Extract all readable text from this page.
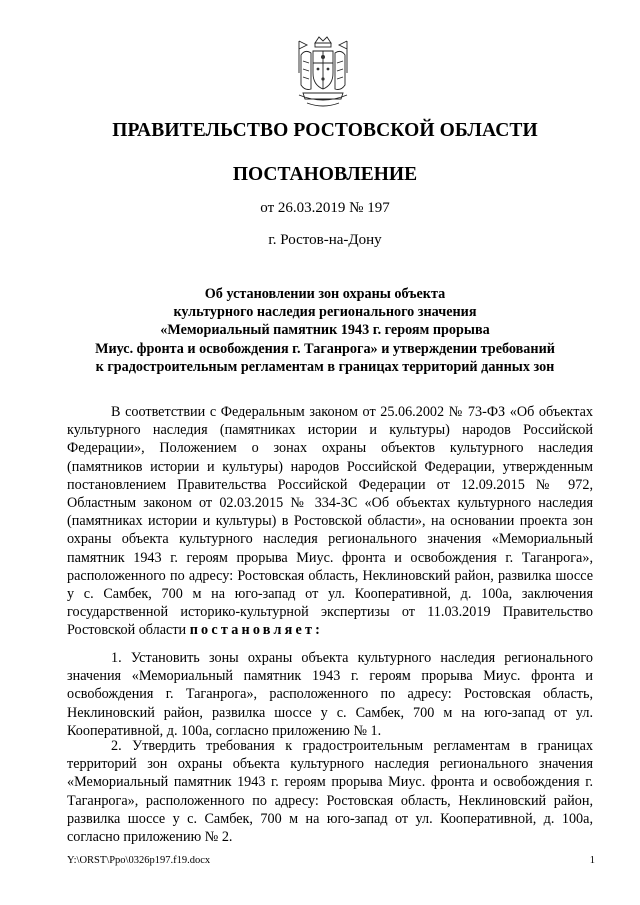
ПРАВИТЕЛЬСТВО РОСТОВСКОЙ ОБЛАСТИ
ПОСТАНОВЛЕНИЕ
от 26.03.2019 № 197
г. Ростов-на-Дону
Об установлении зон охраны объекта
культурного наследия регионального значения
«Мемориальный памятник 1943 г. героям прорыва
Миус. фронта и освобождения г. Таганрога» и утверждении требований
к градостроительным регламентам в границах территорий данных зон

В соответствии с Федеральным законом от 25.06.2002 № 73-ФЗ «Об объектах культурного наследия (памятниках истории и культуры) народов Российской Федерации», Положением о зонах охраны объектов культурного наследия (памятников истории и культуры) народов Российской Федерации, утвержденным постановлением Правительства Российской Федерации от 12.09.2015 № 972, Областным законом от 02.03.2015 № 334-ЗС «Об объектах культурного наследия (памятниках истории и культуры) в Ростовской области», на основании проекта зон охраны объекта культурного наследия регионального значения «Мемориальный памятник 1943 г. героям прорыва Миус. фронта и освобождения г. Таганрога», расположенного по адресу: Ростовская область, Неклиновский район, развилка шоссе у с. Самбек, 700 м на юго-запад от ул. Кооперативной, д. 100а, заключения государственной историко-культурной экспертизы от 11.03.2019 Правительство Ростовской области постановляет:

1. Установить зоны охраны объекта культурного наследия регионального значения «Мемориальный памятник 1943 г. героям прорыва Миус. фронта и освобождения г. Таганрога», расположенного по адресу: Ростовская область, Неклиновский район, развилка шоссе у с. Самбек, 700 м на юго-запад от ул. Кооперативной, д. 100а, согласно приложению № 1.

2. Утвердить требования к градостроительным регламентам в границах территорий зон охраны объекта культурного наследия регионального значения «Мемориальный памятник 1943 г. героям прорыва Миус. фронта и освобождения г. Таганрога», расположенного по адресу: Ростовская область, Неклиновский район, развилка шоссе у с. Самбек, 700 м на юго-запад от ул. Кооперативной, д. 100а, согласно приложению № 2.

Y:\ORST\Ppo\0326p197.f19.docx	1
